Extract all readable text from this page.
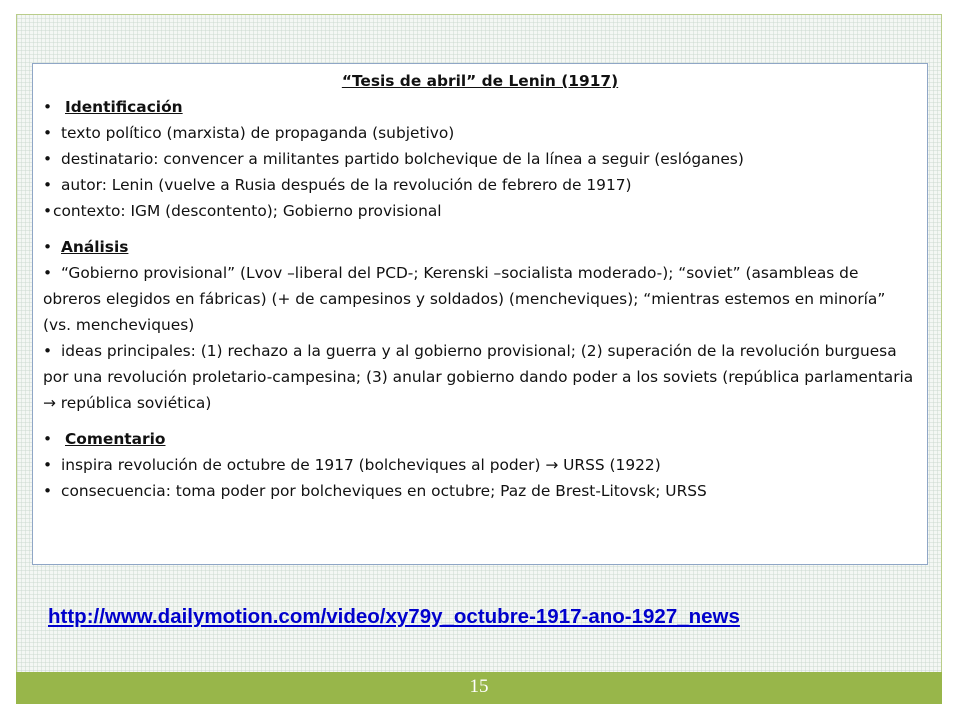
“Tesis de abril” de Lenin (1917)

• Identificación

• texto político (marxista) de propaganda (subjetivo)

• destinatario: convencer a militantes partido bolchevique de la línea a seguir (eslóganes)

• autor: Lenin (vuelve a Rusia después de la revolución de febrero de 1917)

•contexto: IGM (descontento); Gobierno provisional

• Análisis

• “Gobierno provisional” (Lvov –liberal del PCD-; Kerenski –socialista moderado-); “soviet” (asambleas de obreros elegidos en fábricas) (+ de campesinos y soldados) (mencheviques); “mientras estemos en minoría” (vs. mencheviques)

• ideas principales: (1) rechazo a la guerra y al gobierno provisional; (2) superación de la revolución burguesa por una revolución proletario-campesina; (3) anular gobierno dando poder a los soviets (república parlamentaria → república soviética)

• Comentario

• inspira revolución de octubre de 1917 (bolcheviques al poder) → URSS (1922)

• consecuencia: toma poder por bolcheviques en octubre; Paz de Brest-Litovsk; URSS

http://www.dailymotion.com/video/xy79y_octubre-1917-ano-1927_news

15
